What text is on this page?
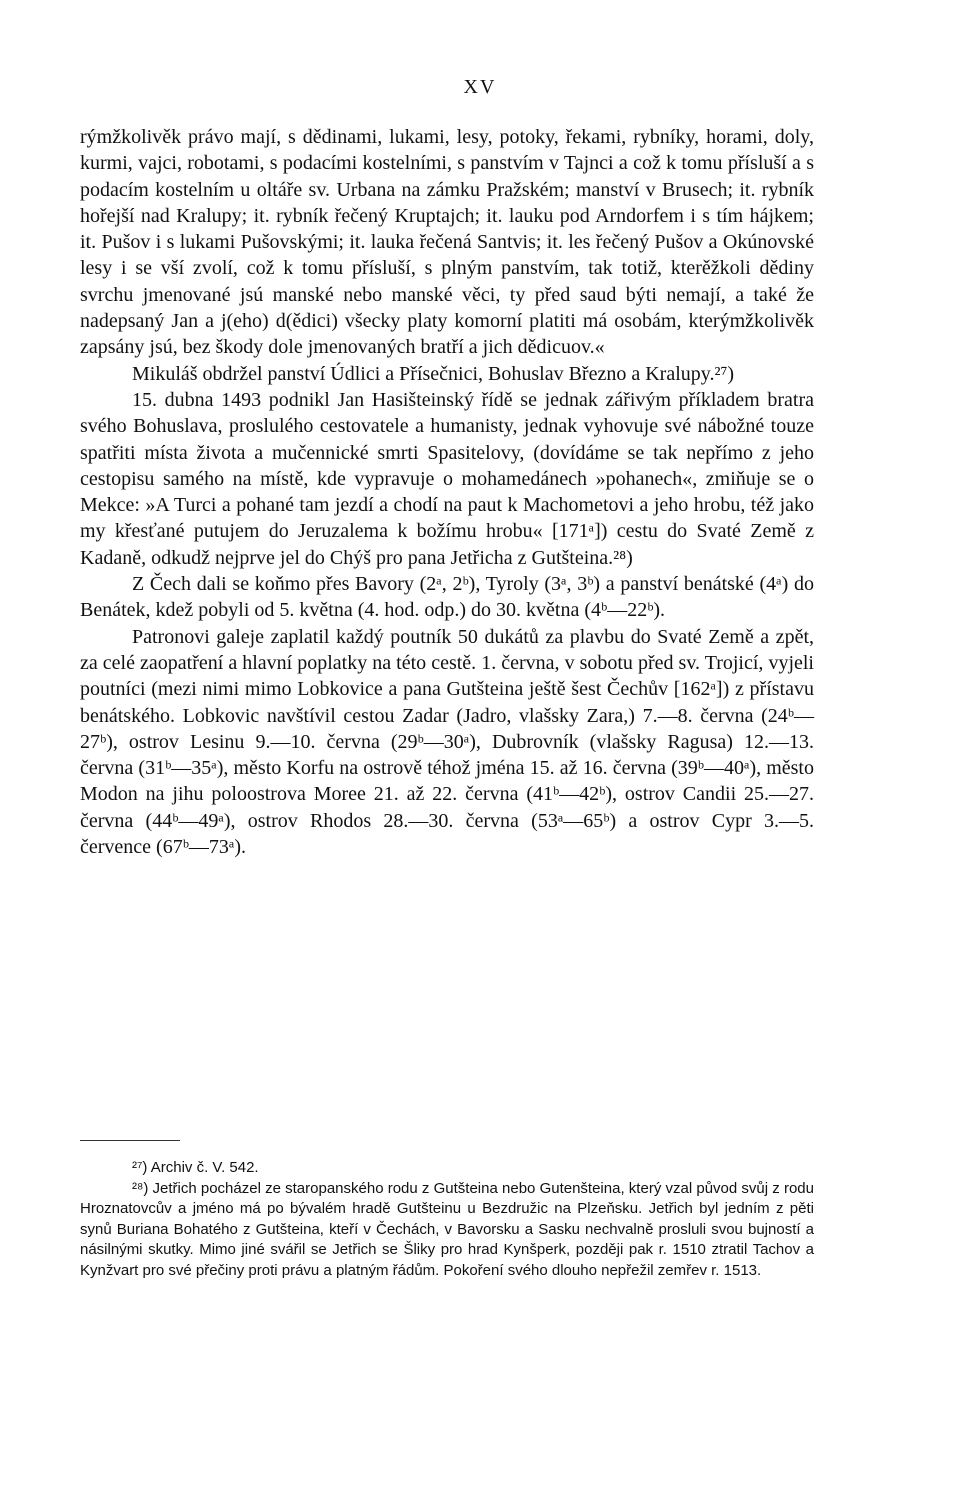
XV

rýmžkolivěk právo mají, s dědinami, lukami, lesy, potoky, řekami, rybníky, horami, doly, kurmi, vajci, robotami, s podacími kostelními, s panstvím v Tajnci a což k tomu přísluší a s podacím kostelním u oltáře sv. Urbana na zámku Pražském; manství v Brusech; it. rybník hořejší nad Kralupy; it. rybník řečený Kruptajch; it. lauku pod Arndorfem i s tím hájkem; it. Pušov i s lukami Pušovskými; it. lauka řečená Santvis; it. les řečený Pušov a Okúnovské lesy i se vší zvolí, což k tomu přísluší, s plným panstvím, tak totiž, kterěžkoli dědiny svrchu jmenované jsú manské nebo manské věci, ty před saud býti nemají, a také že nadepsaný Jan a j(eho) d(ědici) všecky platy komorní platiti má osobám, kterýmžkolivěk zapsány jsú, bez škody dole jmenovaných bratří a jich dědicuov.«

Mikuláš obdržel panství Údlici a Přísečnici, Bohuslav Březno a Kralupy.²⁷)

15. dubna 1493 podnikl Jan Hasišteinský řídě se jednak zářivým příkladem bratra svého Bohuslava, proslulého cestovatele a humanisty, jednak vyhovuje své nábožné touze spatřiti místa života a mučennické smrti Spasitelovy, (dovídáme se tak nepřímo z jeho cestopisu samého na místě, kde vypravuje o mohamedánech »pohanech«, zmiňuje se o Mekce: »A Turci a pohané tam jezdí a chodí na paut k Machometovi a jeho hrobu, též jako my křesťané putujem do Jeruzalema k božímu hrobu« [171ᵃ]) cestu do Svaté Země z Kadaně, odkudž nejprve jel do Chýš pro pana Jetřicha z Gutšteina.²⁸)

Z Čech dali se koňmo přes Bavory (2ᵃ, 2ᵇ), Tyroly (3ᵃ, 3ᵇ) a panství benátské (4ᵃ) do Benátek, kdež pobyli od 5. května (4. hod. odp.) do 30. května (4ᵇ—22ᵇ).

Patronovi galeje zaplatil každý poutník 50 dukátů za plavbu do Svaté Země a zpět, za celé zaopatření a hlavní poplatky na této cestě. 1. června, v sobotu před sv. Trojicí, vyjeli poutníci (mezi nimi mimo Lobkovice a pana Gutšteina ještě šest Čechův [162ᵃ]) z přístavu benátského. Lobkovic navštívil cestou Zadar (Jadro, vlašsky Zara,) 7.—8. června (24ᵇ—27ᵇ), ostrov Lesinu 9.—10. června (29ᵇ—30ᵃ), Dubrovník (vlašsky Ragusa) 12.—13. června (31ᵇ—35ᵃ), město Korfu na ostrově téhož jména 15. až 16. června (39ᵇ—40ᵃ), město Modon na jihu poloostrova Moree 21. až 22. června (41ᵇ—42ᵇ), ostrov Candii 25.—27. června (44ᵇ—49ᵃ), ostrov Rhodos 28.—30. června (53ᵃ—65ᵇ) a ostrov Cypr 3.—5. července (67ᵇ—73ᵃ).

²⁷) Archiv č. V. 542.

²⁸) Jetřich pocházel ze staropanského rodu z Gutšteina nebo Gutenšteina, který vzal původ svůj z rodu Hroznatovcův a jméno má po bývalém hradě Gutšteinu u Bezdružic na Plzeňsku. Jetřich byl jedním z pěti synů Buriana Bohatého z Gutšteina, kteří v Čechách, v Bavorsku a Sasku nechvalně prosluli svou bujností a násilnými skutky. Mimo jiné svářil se Jetřich se Šliky pro hrad Kynšperk, později pak r. 1510 ztratil Tachov a Kynžvart pro své přečiny proti právu a platným řádům. Pokoření svého dlouho nepřežil zemřev r. 1513.
